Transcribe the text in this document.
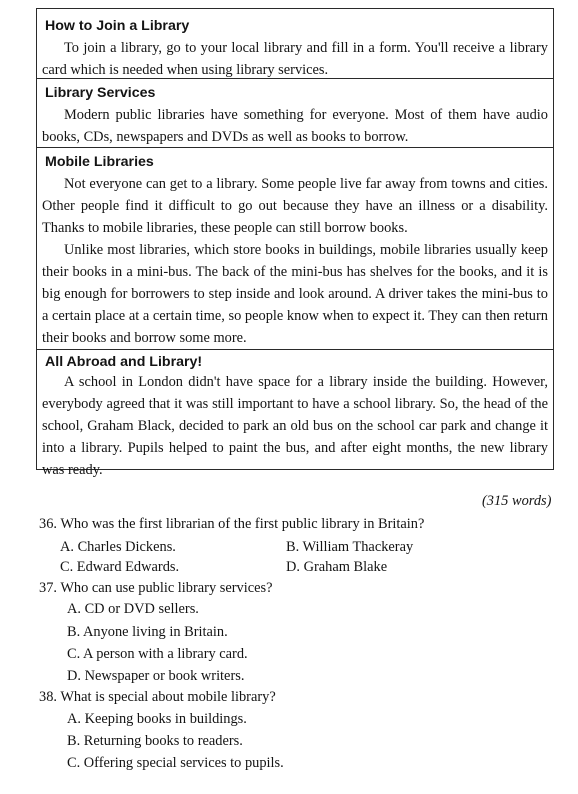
How to Join a Library

To join a library, go to your local library and fill in a form. You'll receive a library card which is needed when using library services.

Library Services

Modern public libraries have something for everyone. Most of them have audio books, CDs, newspapers and DVDs as well as books to borrow.

Mobile Libraries

Not everyone can get to a library. Some people live far away from towns and cities. Other people find it difficult to go out because they have an illness or a disability. Thanks to mobile libraries, these people can still borrow books.

Unlike most libraries, which store books in buildings, mobile libraries usually keep their books in a mini-bus. The back of the mini-bus has shelves for the books, and it is big enough for borrowers to step inside and look around. A driver takes the mini-bus to a certain place at a certain time, so people know when to expect it. They can then return their books and borrow some more.

All Abroad and Library!

A school in London didn't have space for a library inside the building. However, everybody agreed that it was still important to have a school library. So, the head of the school, Graham Black, decided to park an old bus on the school car park and change it into a library. Pupils helped to paint the bus, and after eight months, the new library was ready.

(315 words)
36. Who was the first librarian of the first public library in Britain?
A. Charles Dickens.	B. William Thackeray
C. Edward Edwards.	D. Graham Blake
37. Who can use public library services?
A. CD or DVD sellers.
B. Anyone living in Britain.
C. A person with a library card.
D. Newspaper or book writers.
38. What is special about mobile library?
A. Keeping books in buildings.
B. Returning books to readers.
C. Offering special services to pupils.
